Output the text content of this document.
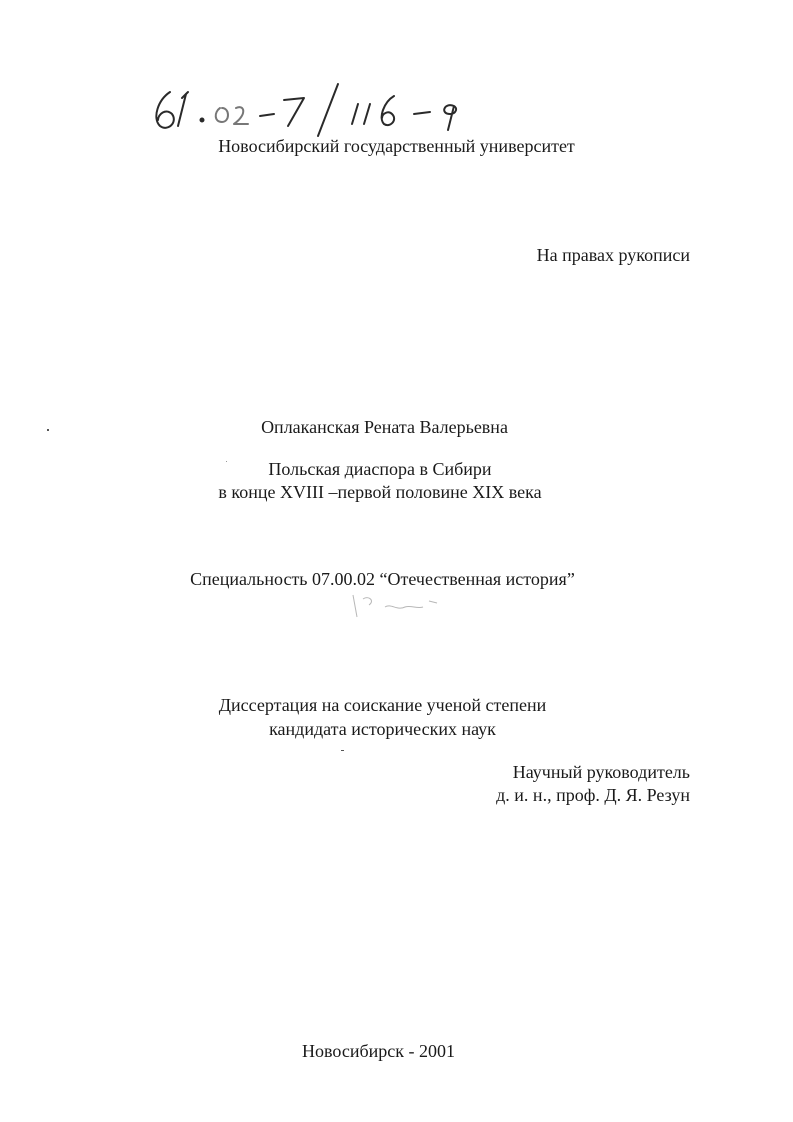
Новосибирский государственный университет
На правах рукописи
Оплаканская Рената Валерьевна
Польская диаспора в Сибири
в конце XVIII –первой половине XIX века
Специальность 07.00.02 “Отечественная история”
Диссертация на соискание ученой степени
кандидата исторических наук
Научный руководитель
д. и. н., проф. Д. Я. Резун
Новосибирск - 2001
